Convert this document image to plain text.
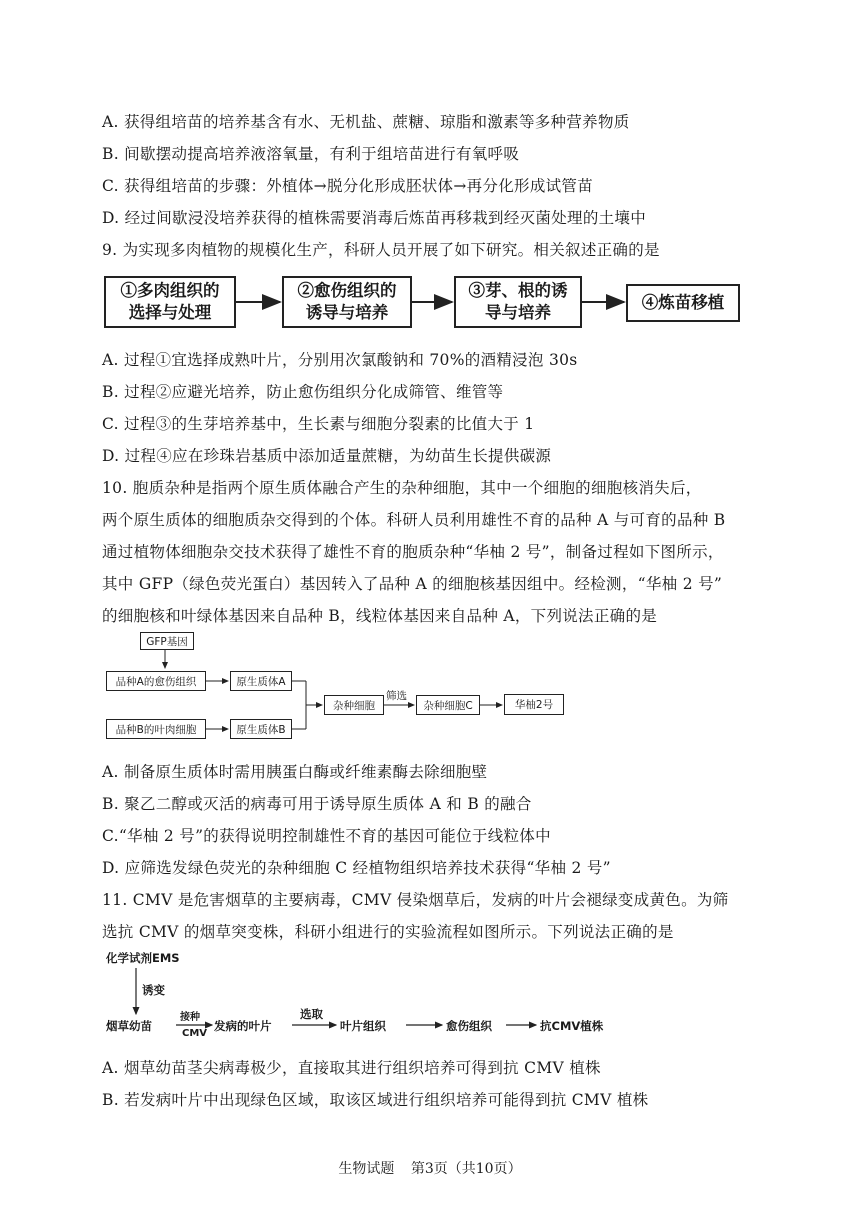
A. 获得组培苗的培养基含有水、无机盐、蔗糖、琼脂和激素等多种营养物质
B. 间歇摆动提高培养液溶氧量，有利于组培苗进行有氧呼吸
C. 获得组培苗的步骤：外植体→脱分化形成胚状体→再分化形成试管苗
D. 经过间歇浸没培养获得的植株需要消毒后炼苗再移栽到经灭菌处理的土壤中
9. 为实现多肉植物的规模化生产，科研人员开展了如下研究。相关叙述正确的是
①多肉组织的
选择与处理
②愈伤组织的
诱导与培养
③芽、根的诱
导与培养
④炼苗移植
A. 过程①宜选择成熟叶片，分别用次氯酸钠和 70%的酒精浸泡 30s
B. 过程②应避光培养，防止愈伤组织分化成筛管、维管等
C. 过程③的生芽培养基中，生长素与细胞分裂素的比值大于 1
D. 过程④应在珍珠岩基质中添加适量蔗糖，为幼苗生长提供碳源
10. 胞质杂种是指两个原生质体融合产生的杂种细胞，其中一个细胞的细胞核消失后，
两个原生质体的细胞质杂交得到的个体。科研人员利用雄性不育的品种 A 与可育的品种 B
通过植物体细胞杂交技术获得了雄性不育的胞质杂种“华柚 2 号”，制备过程如下图所示，
其中 GFP（绿色荧光蛋白）基因转入了品种 A 的细胞核基因组中。经检测，“华柚 2 号”
的细胞核和叶绿体基因来自品种 B，线粒体基因来自品种 A，下列说法正确的是
GFP基因
品种A的愈伤组织
品种B的叶肉细胞
原生质体A
原生质体B
杂种细胞
筛选
杂种细胞C	华柚2号
A. 制备原生质体时需用胰蛋白酶或纤维素酶去除细胞壁
B. 聚乙二醇或灭活的病毒可用于诱导原生质体 A 和 B 的融合
C.“华柚 2 号”的获得说明控制雄性不育的基因可能位于线粒体中
D. 应筛选发绿色荧光的杂种细胞 C 经植物组织培养技术获得“华柚 2 号”
11. CMV 是危害烟草的主要病毒，CMV 侵染烟草后，发病的叶片会褪绿变成黄色。为筛
选抗 CMV 的烟草突变株，科研小组进行的实验流程如图所示。下列说法正确的是
化学试剂EMS
诱变
烟草幼苗
接种
CMV
发病的叶片
选取
叶片组织	愈伤组织	抗CMV植株
A. 烟草幼苗茎尖病毒极少，直接取其进行组织培养可得到抗 CMV 植株
B. 若发病叶片中出现绿色区域，取该区域进行组织培养可能得到抗 CMV 植株
生物试题 第3页（共10页）
